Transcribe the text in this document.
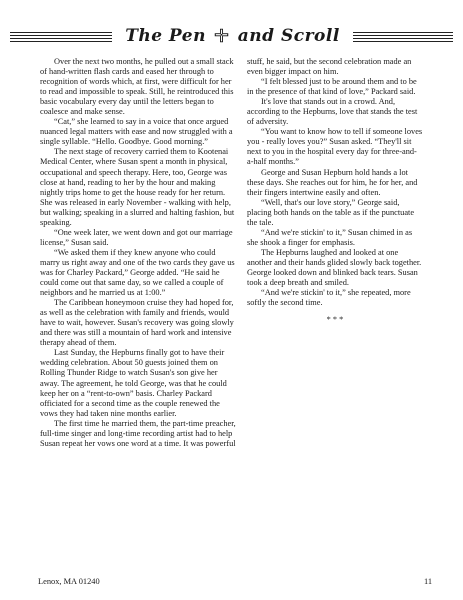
The Pen and Scroll

Over the next two months, he pulled out a small stack of hand-written flash cards and eased her through to recognition of words which, at first, were difficult for her to read and impossible to speak. Still, he reintroduced this basic vocabulary every day until the letters began to coalesce and make sense.

“Cat,” she learned to say in a voice that once argued nuanced legal matters with ease and now struggled with a single syllable. “Hello. Goodbye. Good morning.”

The next stage of recovery carried them to Kootenai Medical Center, where Susan spent a month in physical, occupational and speech therapy. Here, too, George was close at hand, reading to her by the hour and making nightly trips home to get the house ready for her return. She was released in early November - walking with help, but walking; speaking in a slurred and halting fashion, but speaking.

“One week later, we went down and got our marriage license,” Susan said.

“We asked them if they knew anyone who could marry us right away and one of the two cards they gave us was for Charley Packard,” George added. “He said he could come out that same day, so we called a couple of neighbors and he married us at 1:00.”

The Caribbean honeymoon cruise they had hoped for, as well as the celebration with family and friends, would have to wait, however. Susan's recovery was going slowly and there was still a mountain of hard work and intensive therapy ahead of them.

Last Sunday, the Hepburns finally got to have their wedding celebration. About 50 guests joined them on Rolling Thunder Ridge to watch Susan's son give her away. The agreement, he told George, was that he could keep her on a “rent-to-own” basis. Charley Packard officiated for a second time as the couple renewed the vows they had taken nine months earlier.

The first time he married them, the part-time preacher, full-time singer and long-time recording artist had to help Susan repeat her vows one word at a time. It was powerful

stuff, he said, but the second celebration made an even bigger impact on him.

“I felt blessed just to be around them and to be in the presence of that kind of love,” Packard said.

It's love that stands out in a crowd. And, according to the Hepburns, love that stands the test of adversity.

“You want to know how to tell if someone loves you - really loves you?” Susan asked. “They'll sit next to you in the hospital every day for three-and-a-half months.”

George and Susan Hepburn hold hands a lot these days. She reaches out for him, he for her, and their fingers intertwine easily and often.

“Well, that's our love story,” George said, placing both hands on the table as if the punctuate the tale.

“And we're stickin' to it,” Susan chimed in as she shook a finger for emphasis.

The Hepburns laughed and looked at one another and their hands glided slowly back together. George looked down and blinked back tears. Susan took a deep breath and smiled.

“And we're stickin' to it,” she repeated, more softly the second time.

* * *

Lenox, MA 01240	11
